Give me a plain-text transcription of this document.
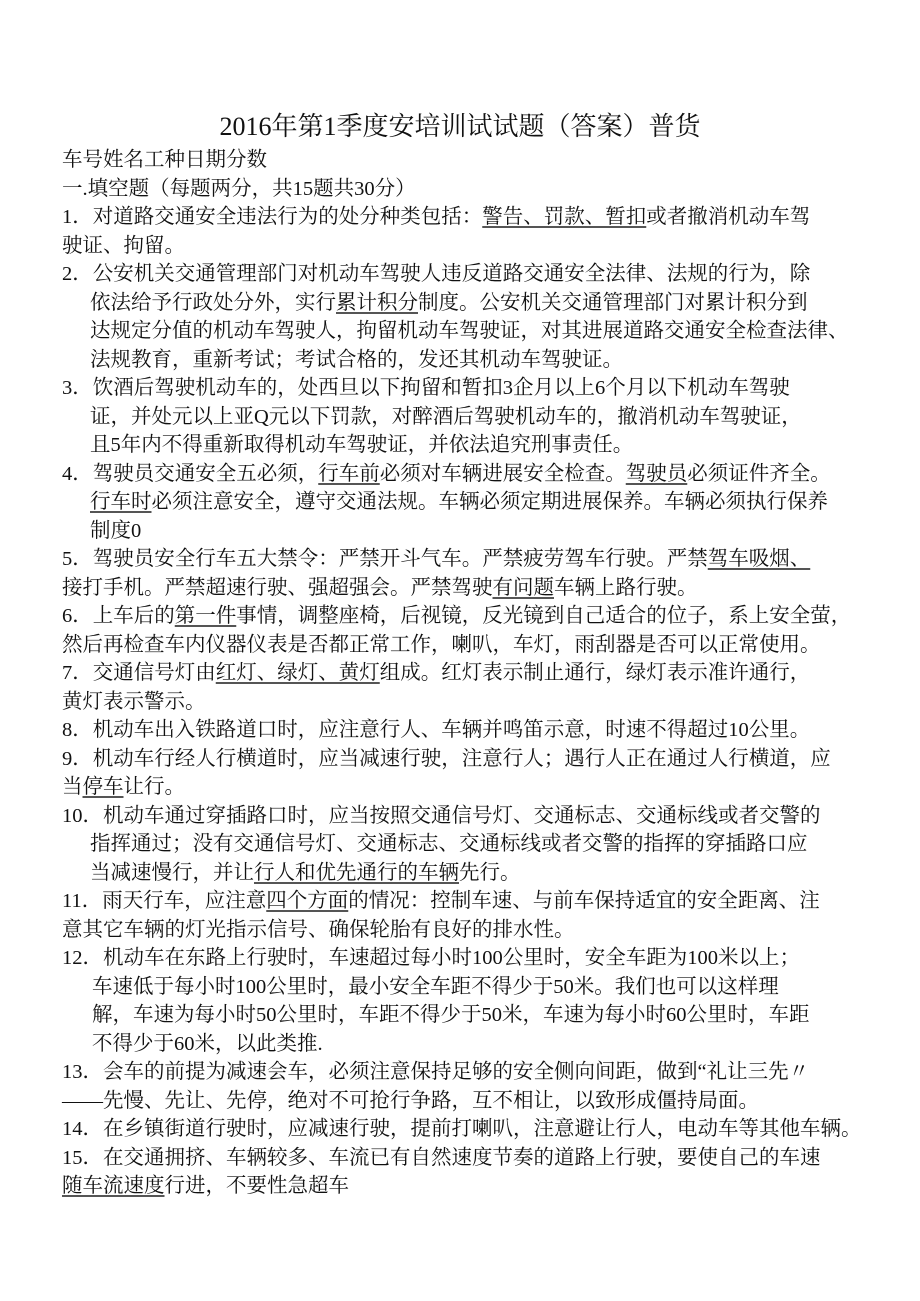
2016年第1季度安培训试试题（答案）普货
车号姓名工种日期分数
一.填空题（每题两分，共15题共30分）
1．对道路交通安全违法行为的处分种类包括：警告、罚款、暂扣或者撤消机动车驾
驶证、拘留。
2．公安机关交通管理部门对机动车驾驶人违反道路交通安全法律、法规的行为，除
依法给予行政处分外，实行累计积分制度。公安机关交通管理部门对累计积分到
达规定分值的机动车驾驶人，拘留机动车驾驶证，对其进展道路交通安全检查法律、
法规教育，重新考试；考试合格的，发还其机动车驾驶证。
3．饮酒后驾驶机动车的，处西旦以下拘留和暂扣3企月以上6个月以下机动车驾驶
证，并处元以上亚Q元以下罚款，对醉酒后驾驶机动车的，撤消机动车驾驶证，
且5年内不得重新取得机动车驾驶证，并依法追究刑事责任。
4．驾驶员交通安全五必须，行车前必须对车辆进展安全检查。驾驶员必须证件齐全。
行车时必须注意安全，遵守交通法规。车辆必须定期进展保养。车辆必须执行保养
制度0
5．驾驶员安全行车五大禁令：严禁开斗气车。严禁疲劳驾车行驶。严禁驾车吸烟、
接打手机。严禁超速行驶、强超强会。严禁驾驶有问题车辆上路行驶。
6．上车后的第一件事情，调整座椅，后视镜，反光镜到自己适合的位子，系上安全萤，
然后再检查车内仪器仪表是否都正常工作，喇叭，车灯，雨刮器是否可以正常使用。
7．交通信号灯由红灯、绿灯、黄灯组成。红灯表示制止通行，绿灯表示准许通行，
黄灯表示警示。
8．机动车出入铁路道口时，应注意行人、车辆并鸣笛示意，时速不得超过10公里。
9．机动车行经人行横道时，应当减速行驶，注意行人；遇行人正在通过人行横道，应
当停车让行。
10．机动车通过穿插路口时，应当按照交通信号灯、交通标志、交通标线或者交警的
指挥通过；没有交通信号灯、交通标志、交通标线或者交警的指挥的穿插路口应
当减速慢行，并让行人和优先通行的车辆先行。
11．雨天行车，应注意四个方面的情况：控制车速、与前车保持适宜的安全距离、注
意其它车辆的灯光指示信号、确保轮胎有良好的排水性。
12．机动车在东路上行驶时，车速超过每小时100公里时，安全车距为100米以上；
车速低于每小时100公里时，最小安全车距不得少于50米。我们也可以这样理
解，车速为每小时50公里时，车距不得少于50米，车速为每小时60公里时，车距
不得少于60米，以此类推.
13．会车的前提为减速会车，必须注意保持足够的安全侧向间距，做到“礼让三先〃
——先慢、先让、先停，绝对不可抢行争路，互不相让，以致形成僵持局面。
14．在乡镇街道行驶时，应减速行驶，提前打喇叭，注意避让行人，电动车等其他车辆。
15．在交通拥挤、车辆较多、车流已有自然速度节奏的道路上行驶，要使自己的车速
随车流速度行进，不要性急超车
